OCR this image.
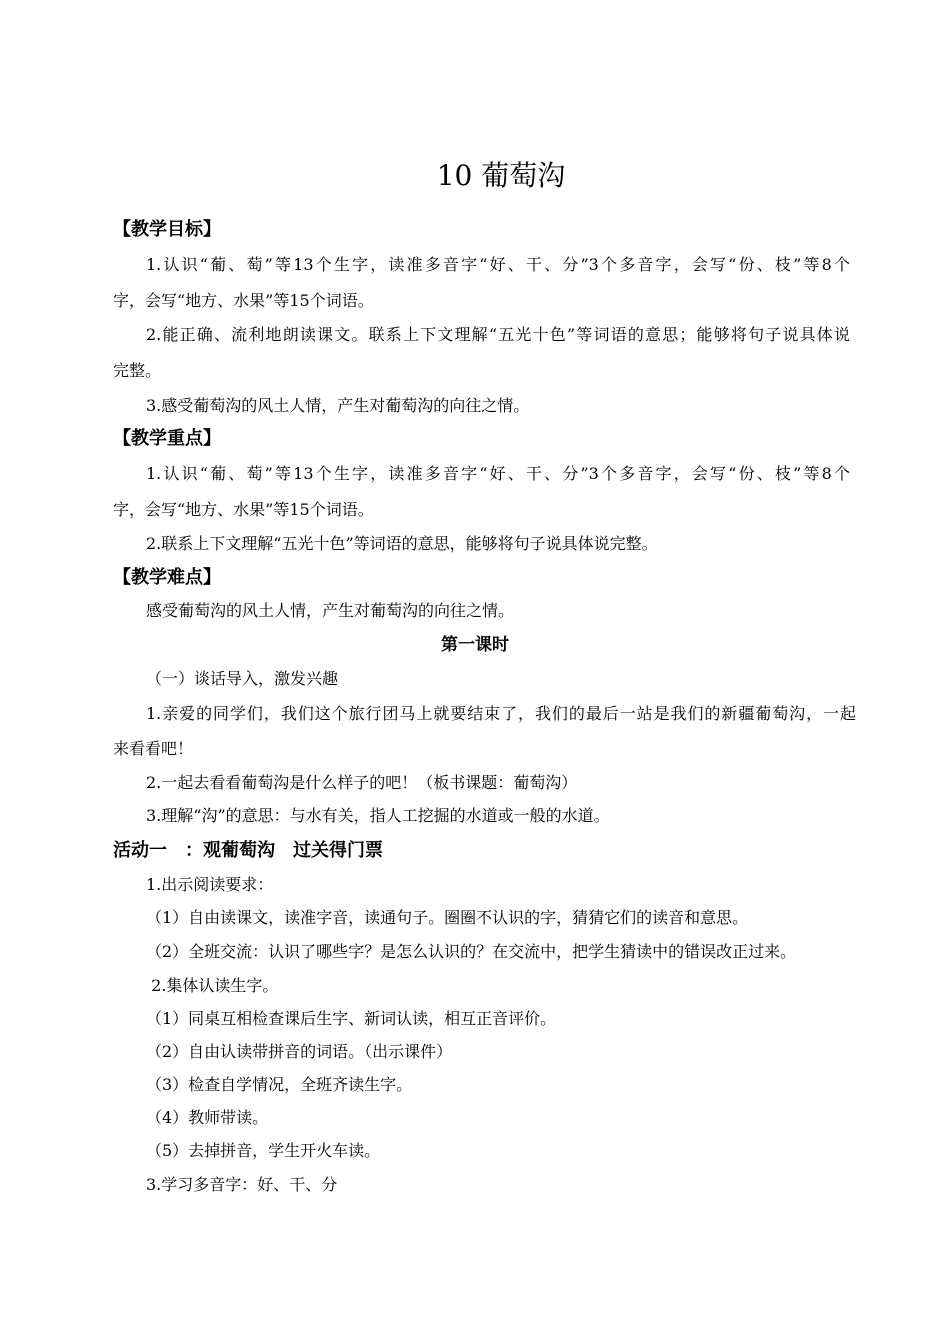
10 葡萄沟
【教学目标】
1.认识“葡、萄”等13个生字，读准多音字“好、干、分”3个多音字，会写“份、枝”等8个
字，会写“地方、水果”等15个词语。
2.能正确、流利地朗读课文。联系上下文理解“五光十色”等词语的意思；能够将句子说具体说
完整。
3.感受葡萄沟的风土人情，产生对葡萄沟的向往之情。
【教学重点】
1.认识“葡、萄”等13个生字，读准多音字“好、干、分”3个多音字，会写“份、枝”等8个
字，会写“地方、水果”等15个词语。
2.联系上下文理解“五光十色”等词语的意思，能够将句子说具体说完整。
【教学难点】
感受葡萄沟的风土人情，产生对葡萄沟的向往之情。
第一课时
（一）谈话导入，激发兴趣
1.亲爱的同学们，我们这个旅行团马上就要结束了，我们的最后一站是我们的新疆葡萄沟，一起
来看看吧！
2.一起去看看葡萄沟是什么样子的吧！（板书课题：葡萄沟）
3.理解“沟”的意思：与水有关，指人工挖掘的水道或一般的水道。
活动一　：观葡萄沟　过关得门票
1.出示阅读要求：
（1）自由读课文，读准字音，读通句子。圈圈不认识的字，猜猜它们的读音和意思。
（2）全班交流：认识了哪些字？是怎么认识的？在交流中，把学生猜读中的错误改正过来。
2.集体认读生字。
（1）同桌互相检查课后生字、新词认读，相互正音评价。
（2）自由认读带拼音的词语。（出示课件）
（3）检查自学情况，全班齐读生字。
（4）教师带读。
（5）去掉拼音，学生开火车读。
3.学习多音字：好、干、分
